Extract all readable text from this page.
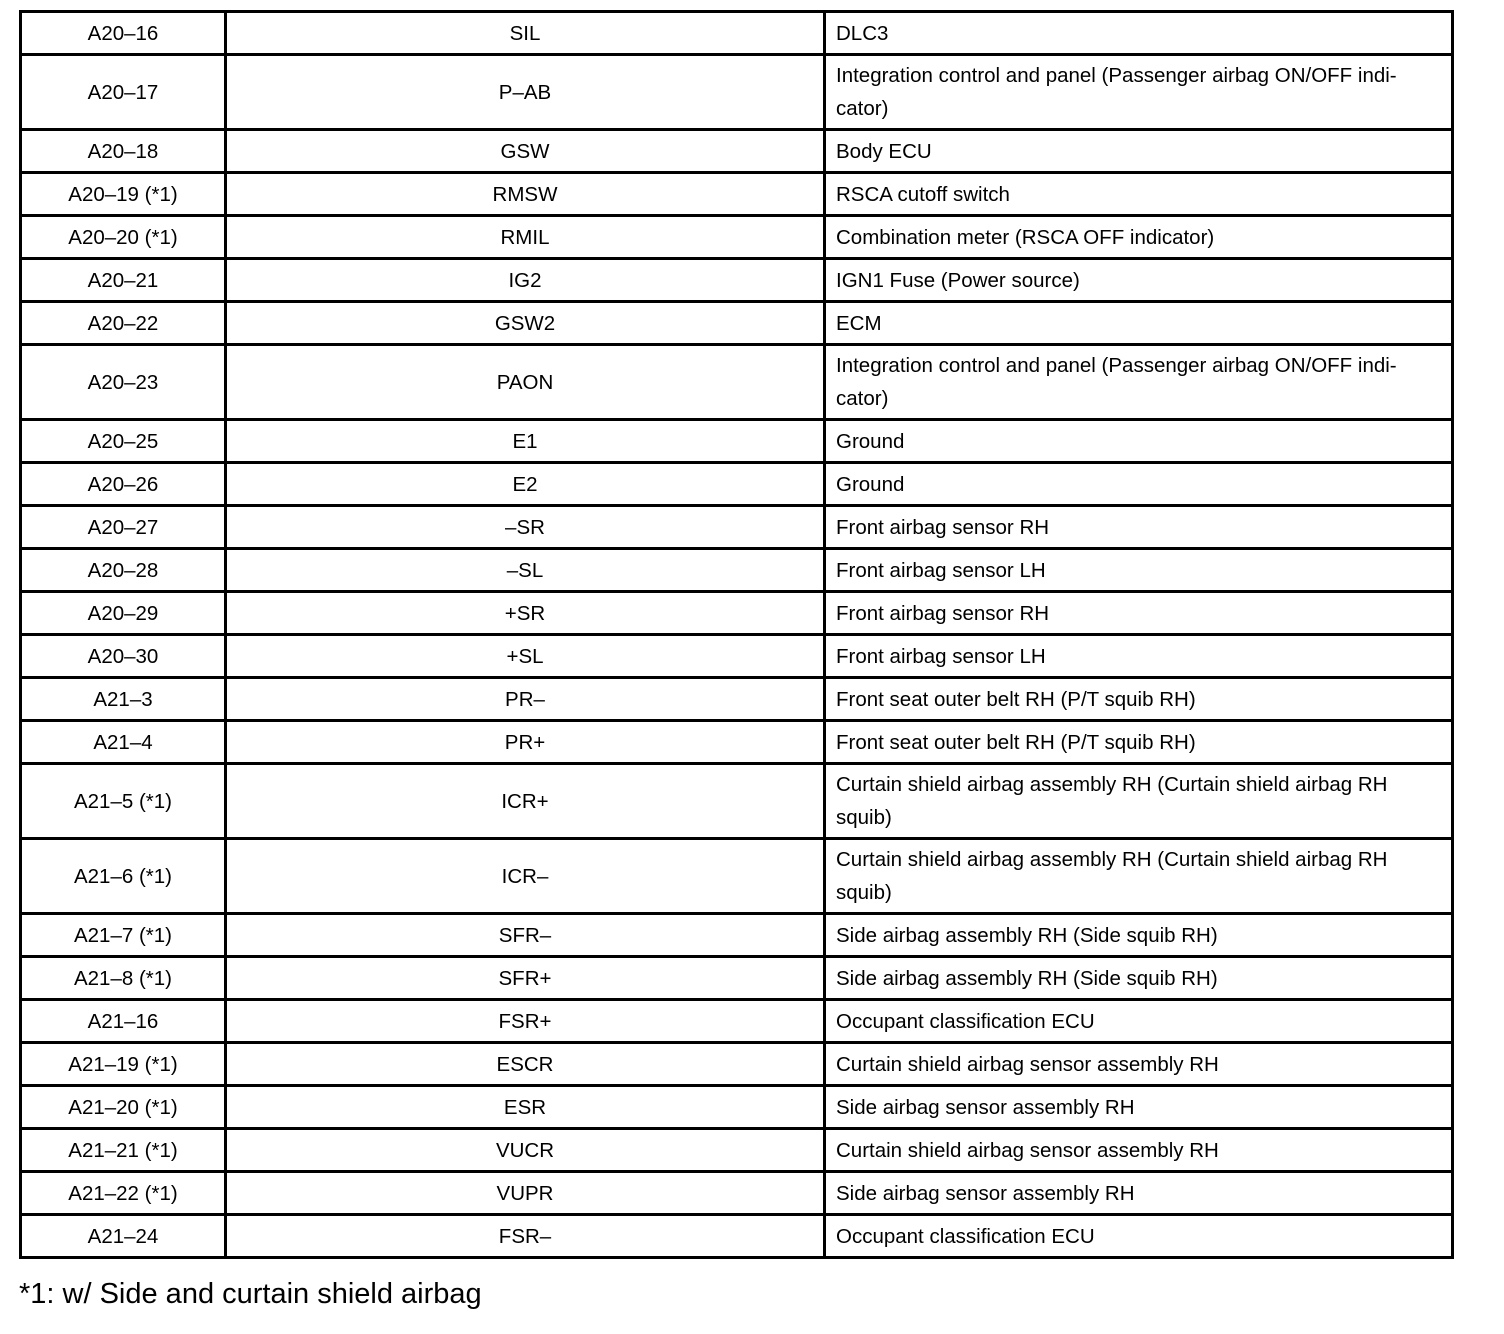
A20–16	SIL	DLC3
A20–17	P–AB	Integration control and panel (Passenger airbag ON/OFF indi-
cator)

A20–18	GSW	Body ECU
A20–19 (*1)	RMSW	RSCA cutoff switch
A20–20 (*1)	RMIL	Combination meter (RSCA OFF indicator)
A20–21	IG2	IGN1 Fuse (Power source)
A20–22	GSW2	ECM
A20–23	PAON	Integration control and panel (Passenger airbag ON/OFF indi-
cator)

A20–25	E1	Ground
A20–26	E2	Ground
A20–27	–SR	Front airbag sensor RH
A20–28	–SL	Front airbag sensor LH
A20–29	+SR	Front airbag sensor RH
A20–30	+SL	Front airbag sensor LH
A21–3	PR–	Front seat outer belt RH (P/T squib RH)
A21–4	PR+	Front seat outer belt RH (P/T squib RH)
A21–5 (*1)	ICR+	Curtain shield airbag assembly RH (Curtain shield airbag RH
squib)

A21–6 (*1)	ICR–	Curtain shield airbag assembly RH (Curtain shield airbag RH
squib)

A21–7 (*1)	SFR–	Side airbag assembly RH (Side squib RH)
A21–8 (*1)	SFR+	Side airbag assembly RH (Side squib RH)
A21–16	FSR+	Occupant classification ECU
A21–19 (*1)	ESCR	Curtain shield airbag sensor assembly RH
A21–20 (*1)	ESR	Side airbag sensor assembly RH
A21–21 (*1)	VUCR	Curtain shield airbag sensor assembly RH
A21–22 (*1)	VUPR	Side airbag sensor assembly RH
A21–24	FSR–	Occupant classification ECU
*1: w/ Side and curtain shield airbag
